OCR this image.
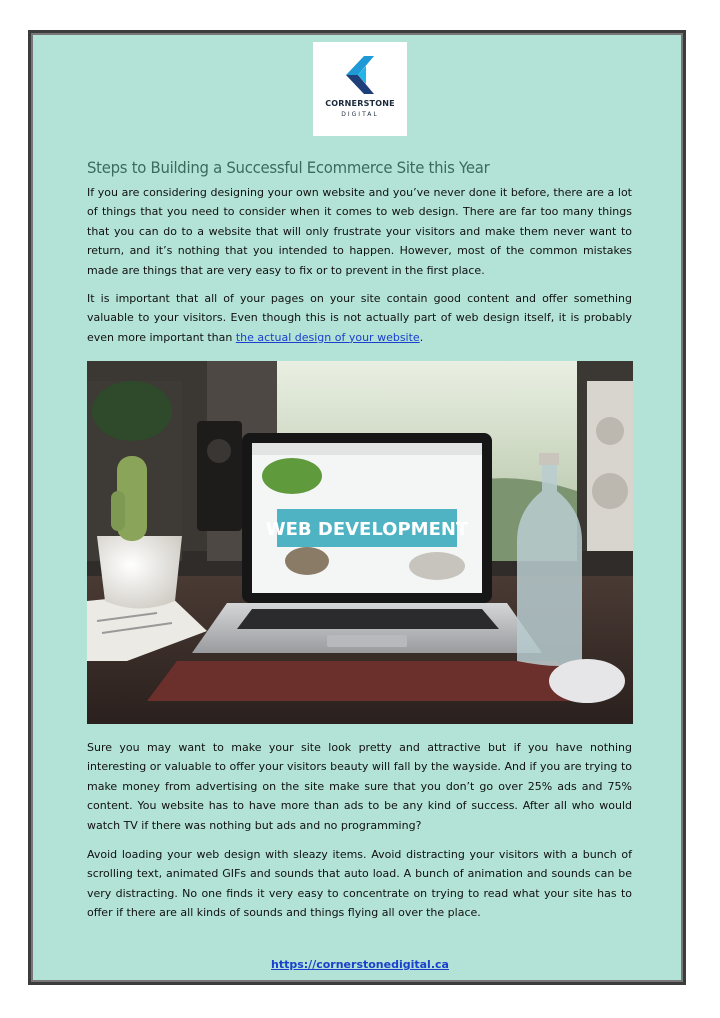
CORNERSTONE
DIGITAL
Steps to Building a Successful Ecommerce Site this Year

If you are considering designing your own website and you’ve never done it before, there are a lot of things that you need to consider when it comes to web design. There are far too many things that you can do to a website that will only frustrate your visitors and make them never want to return, and it’s nothing that you intended to happen. However, most of the common mistakes made are things that are very easy to fix or to prevent in the first place.

It is important that all of your pages on your site contain good content and offer something valuable to your visitors. Even though this is not actually part of web design itself, it is probably even more important than the actual design of your website.

WEB DEVELOPMENT

Sure you may want to make your site look pretty and attractive but if you have nothing interesting or valuable to offer your visitors beauty will fall by the wayside. And if you are trying to make money from advertising on the site make sure that you don’t go over 25% ads and 75% content. You website has to have more than ads to be any kind of success. After all who would watch TV if there was nothing but ads and no programming?

Avoid loading your web design with sleazy items. Avoid distracting your visitors with a bunch of scrolling text, animated GIFs and sounds that auto load. A bunch of animation and sounds can be very distracting. No one finds it very easy to concentrate on trying to read what your site has to offer if there are all kinds of sounds and things flying all over the place.

https://cornerstonedigital.ca
